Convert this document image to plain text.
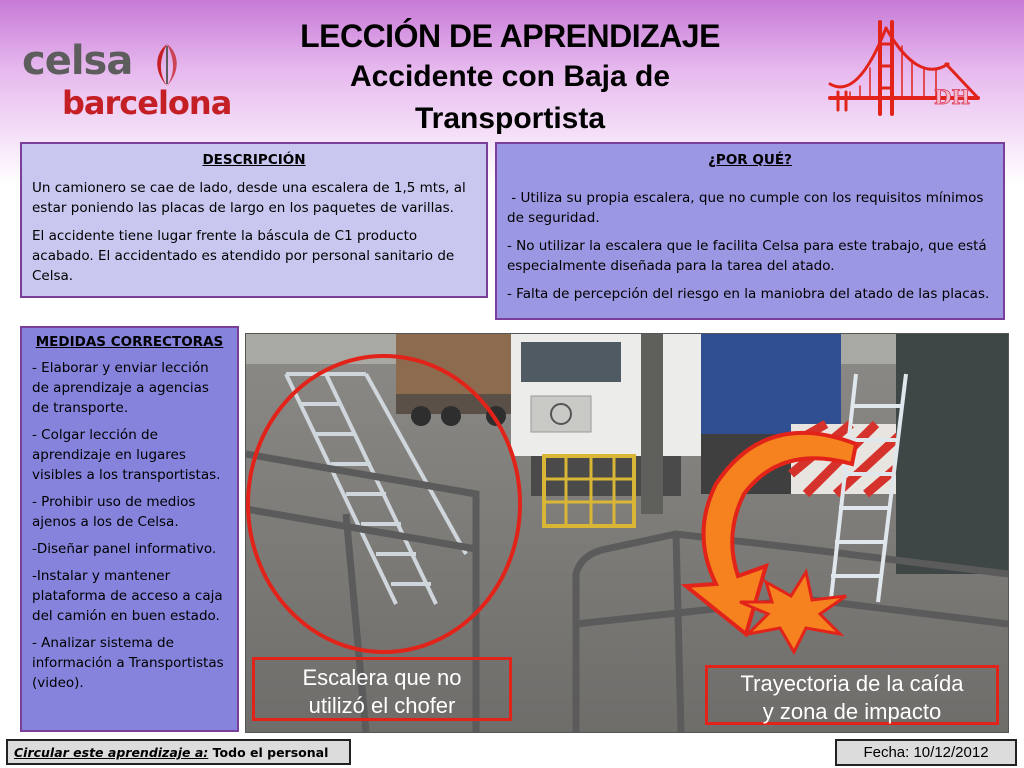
celsa
barcelona
LECCIÓN DE APRENDIZAJE
Accidente con Baja de
Transportista
DH
DESCRIPCIÓN

Un camionero se cae de lado, desde una escalera de 1,5 mts, al estar poniendo las placas de largo en los paquetes de varillas.

El accidente tiene lugar frente la báscula de C1 producto acabado. El accidentado es atendido por personal sanitario de Celsa.

¿POR QUÉ?

- Utiliza su propia escalera, que no cumple con los requisitos mínimos de seguridad.

- No utilizar la escalera que le facilita Celsa para este trabajo, que está especialmente diseñada para la tarea del atado.

- Falta de percepción del riesgo en la maniobra del atado de las placas.

MEDIDAS CORRECTORAS

- Elaborar y enviar lección de aprendizaje a agencias de transporte.

- Colgar lección de aprendizaje en lugares visibles a los transportistas.

- Prohibir uso de medios ajenos a los de Celsa.

-Diseñar panel informativo.

-Instalar y mantener plataforma de acceso a caja del camión en buen estado.

- Analizar sistema de información a Transportistas (video).	Escalera que no
utilizó el chofer
Trayectoria de la caída
y zona de impacto
Circular este aprendizaje a: Todo el personal	Fecha: 10/12/2012
